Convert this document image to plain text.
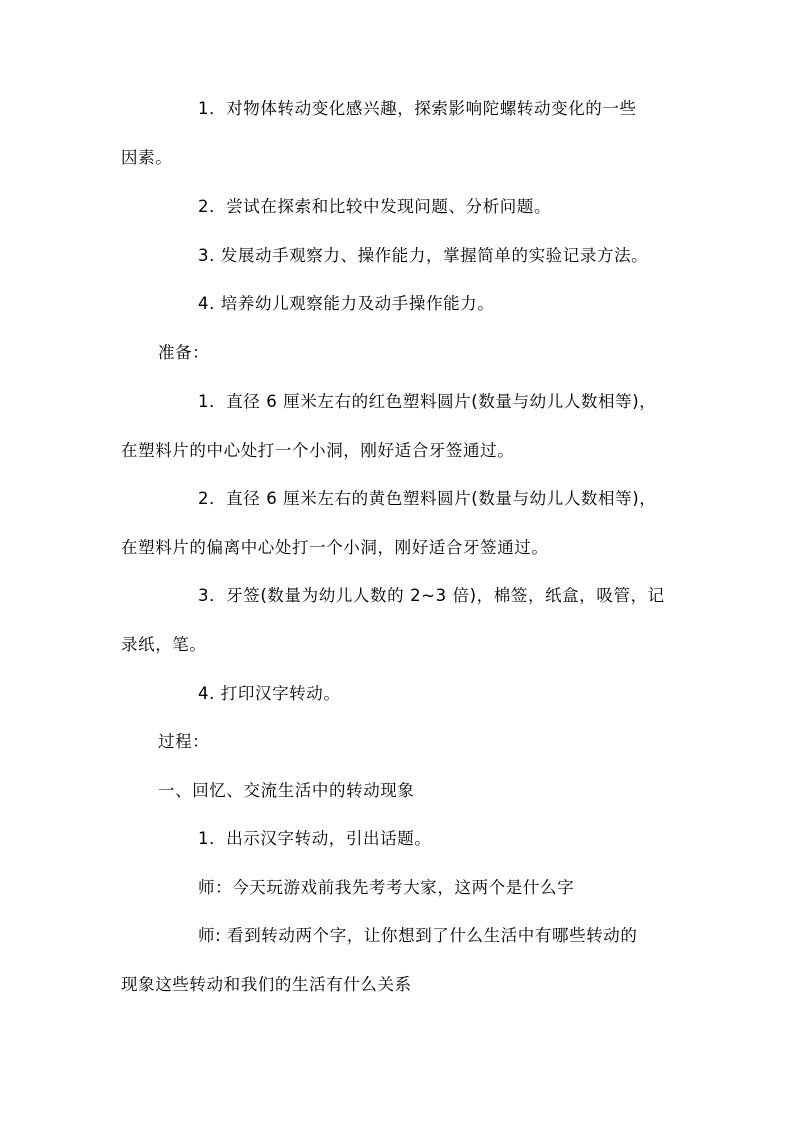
1．对物体转动变化感兴趣，探索影响陀螺转动变化的一些
因素。
2．尝试在探索和比较中发现问题、分析问题。
3. 发展动手观察力、操作能力，掌握简单的实验记录方法。
4. 培养幼儿观察能力及动手操作能力。
准备：
1．直径 6 厘米左右的红色塑料圆片(数量与幼儿人数相等)，
在塑料片的中心处打一个小洞，刚好适合牙签通过。
2．直径 6 厘米左右的黄色塑料圆片(数量与幼儿人数相等)，
在塑料片的偏离中心处打一个小洞，刚好适合牙签通过。
3．牙签(数量为幼儿人数的 2~3 倍)，棉签，纸盒，吸管，记
录纸，笔。
4. 打印汉字转动。
过程：
一、回忆、交流生活中的转动现象
1．出示汉字转动，引出话题。
师：今天玩游戏前我先考考大家，这两个是什么字
师: 看到转动两个字，让你想到了什么生活中有哪些转动的
现象这些转动和我们的生活有什么关系
